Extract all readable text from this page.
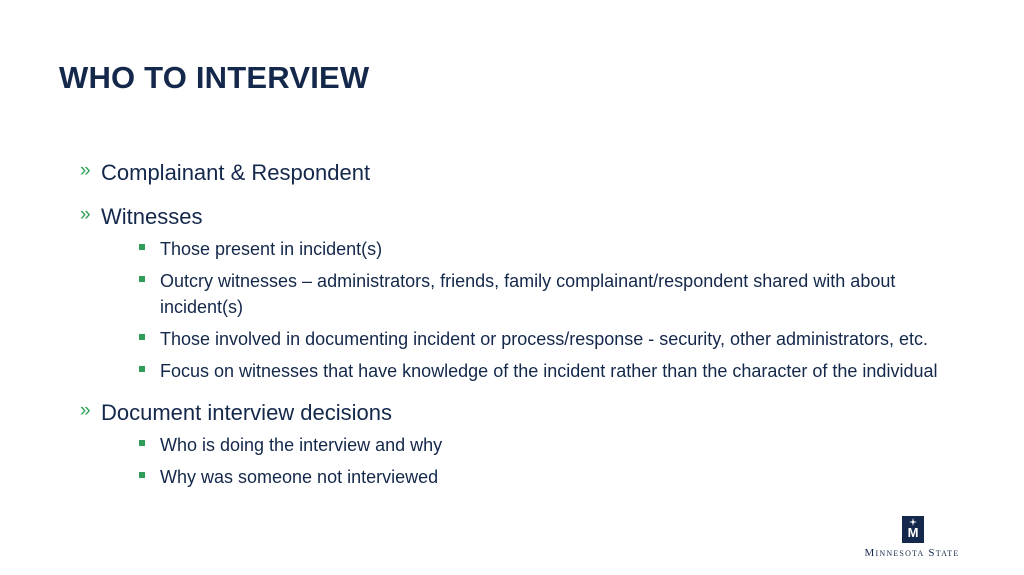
WHO TO INTERVIEW
» Complainant & Respondent
» Witnesses
Those present in incident(s)
Outcry witnesses – administrators, friends, family complainant/respondent shared with about incident(s)
Those involved in documenting incident or process/response - security, other administrators, etc.
Focus on witnesses that have knowledge of the incident rather than the character of the individual
» Document interview decisions
Who is doing the interview and why
Why was someone not interviewed
M
Minnesota State
